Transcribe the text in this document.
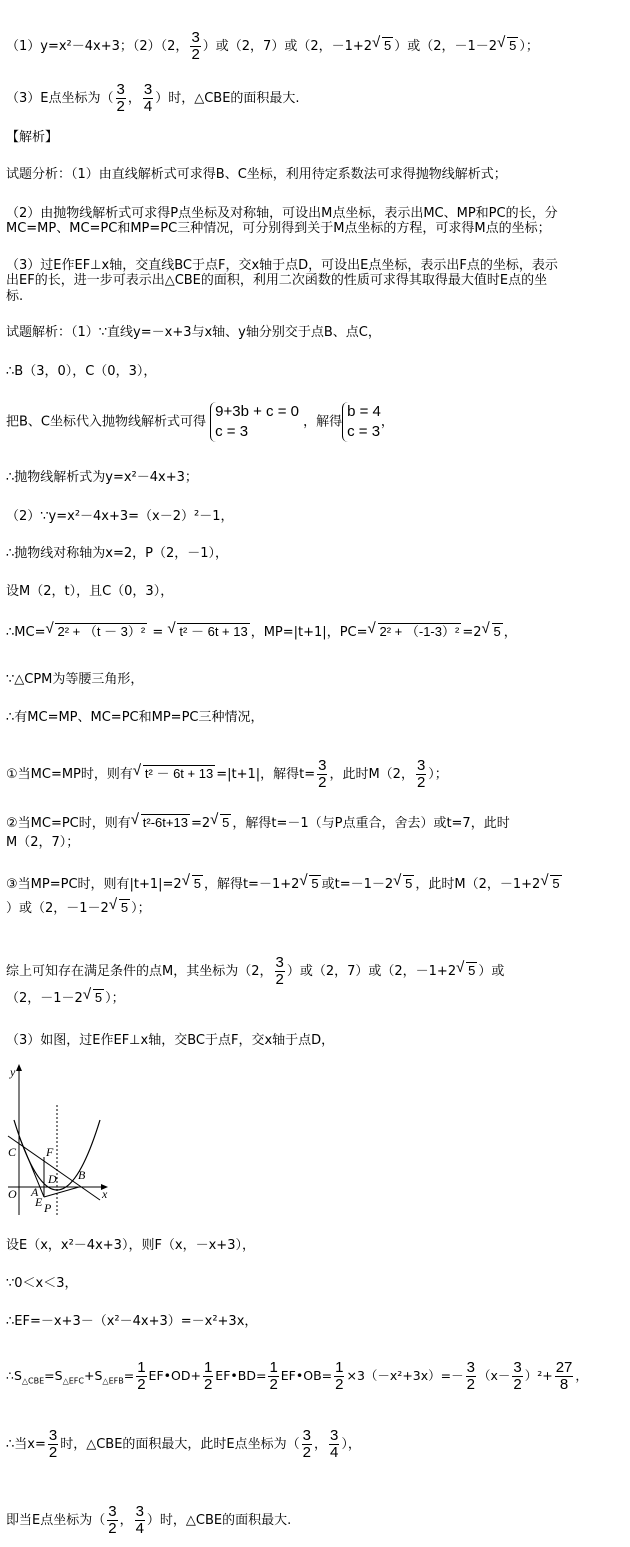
（1）y=x²－4x+3；（2）（2， $\frac{3}{2}$ ）或（2，7）或（2，－1+2 √ 5 ）或（2，－1－2 √ 5 ）；
（3）E点坐标为（ $\frac{3}{2}$ ， $\frac{3}{4}$ ）时，△CBE的面积最大.
【解析】
试题分析：（1）由直线解析式可求得B、C坐标，利用待定系数法可求得抛物线解析式；
（2）由抛物线解析式可求得P点坐标及对称轴，可设出M点坐标，表示出MC、MP和PC的长，分
MC=MP、MC=PC和MP=PC三种情况，可分别得到关于M点坐标的方程，可求得M点的坐标；
（3）过E作EF⊥x轴，交直线BC于点F，交x轴于点D，可设出E点坐标，表示出F点的坐标，表示
出EF的长，进一步可表示出△CBE的面积，利用二次函数的性质可求得其取得最大值时E点的坐
标.
试题解析：（1）∵直线y=－x+3与x轴、y轴分别交于点B、点C，
∴B（3，0），C（0，3），
把B、C坐标代入抛物线解析式可得
9+3b + c = 0
c = 3
，解得
b = 4
c = 3
，
∴抛物线解析式为y=x²－4x+3；
（2）∵y=x²－4x+3=（x－2）²－1，
∴抛物线对称轴为x=2，P（2，－1），
设M（2，t），且C（0，3），
∴MC= √ 2² + （t － 3）² = √ t² － 6t + 13 ，MP=|t+1|，PC= √ 2² + （-1-3）² =2 √ 5 ，
∵△CPM为等腰三角形，
∴有MC=MP、MC=PC和MP=PC三种情况，
①当MC=MP时，则有 √ t² － 6t + 13 =|t+1|，解得$t= \frac{3}{2}$ ，此时M（2， $\frac{3}{2}$ ）；
②当MC=PC时，则有 √ t²-6t+13 =2 √ 5 ，解得t=－1（与P点重合，舍去）或t=7，此时
M（2，7）；
③当MP=PC时，则有|t+1|=2 √ 5 ，解得t=－1+2 √ 5 或t=－1－2 √ 5 ，此时M（2，－1+2 √ 5
）或（2，－1－2 √ 5 ）；
综上可知存在满足条件的点M，其坐标为（2， $\frac{3}{2}$ ）或（2，7）或（2，－1+2 √ 5 ）或
（2，－1－2 √ 5 ）；
（3）如图，过E作EF⊥x轴，交BC于点F，交x轴于点D，
y
x
C F
D B
O A
E P
设E（x，x²－4x+3），则F（x，－x+3），
∵0＜x＜3，
∴EF=－x+3－（x²－4x+3）=－x²+3x，
$\therefore S_{\triangle CBE}=S_{\triangle EFC}+S_{\triangle EFB}= \frac{1}{2}$ EF•OD+ $\frac{1}{2}$ EF•BD= $\frac{1}{2}$ EF•OB= $\frac{1}{2} \times 3(-x^2+3x)=- \frac{3}{2} (x- \frac{3}{2} )^2+ \frac{27}{8}$ ，
∴当$x= \frac{3}{2}$ 时，△CBE的面积最大，此时E点坐标为（ $\frac{3}{2}$ ， $\frac{3}{4}$ ），
即当E点坐标为（ $\frac{3}{2}$ ， $\frac{3}{4}$ ）时，△CBE的面积最大.
